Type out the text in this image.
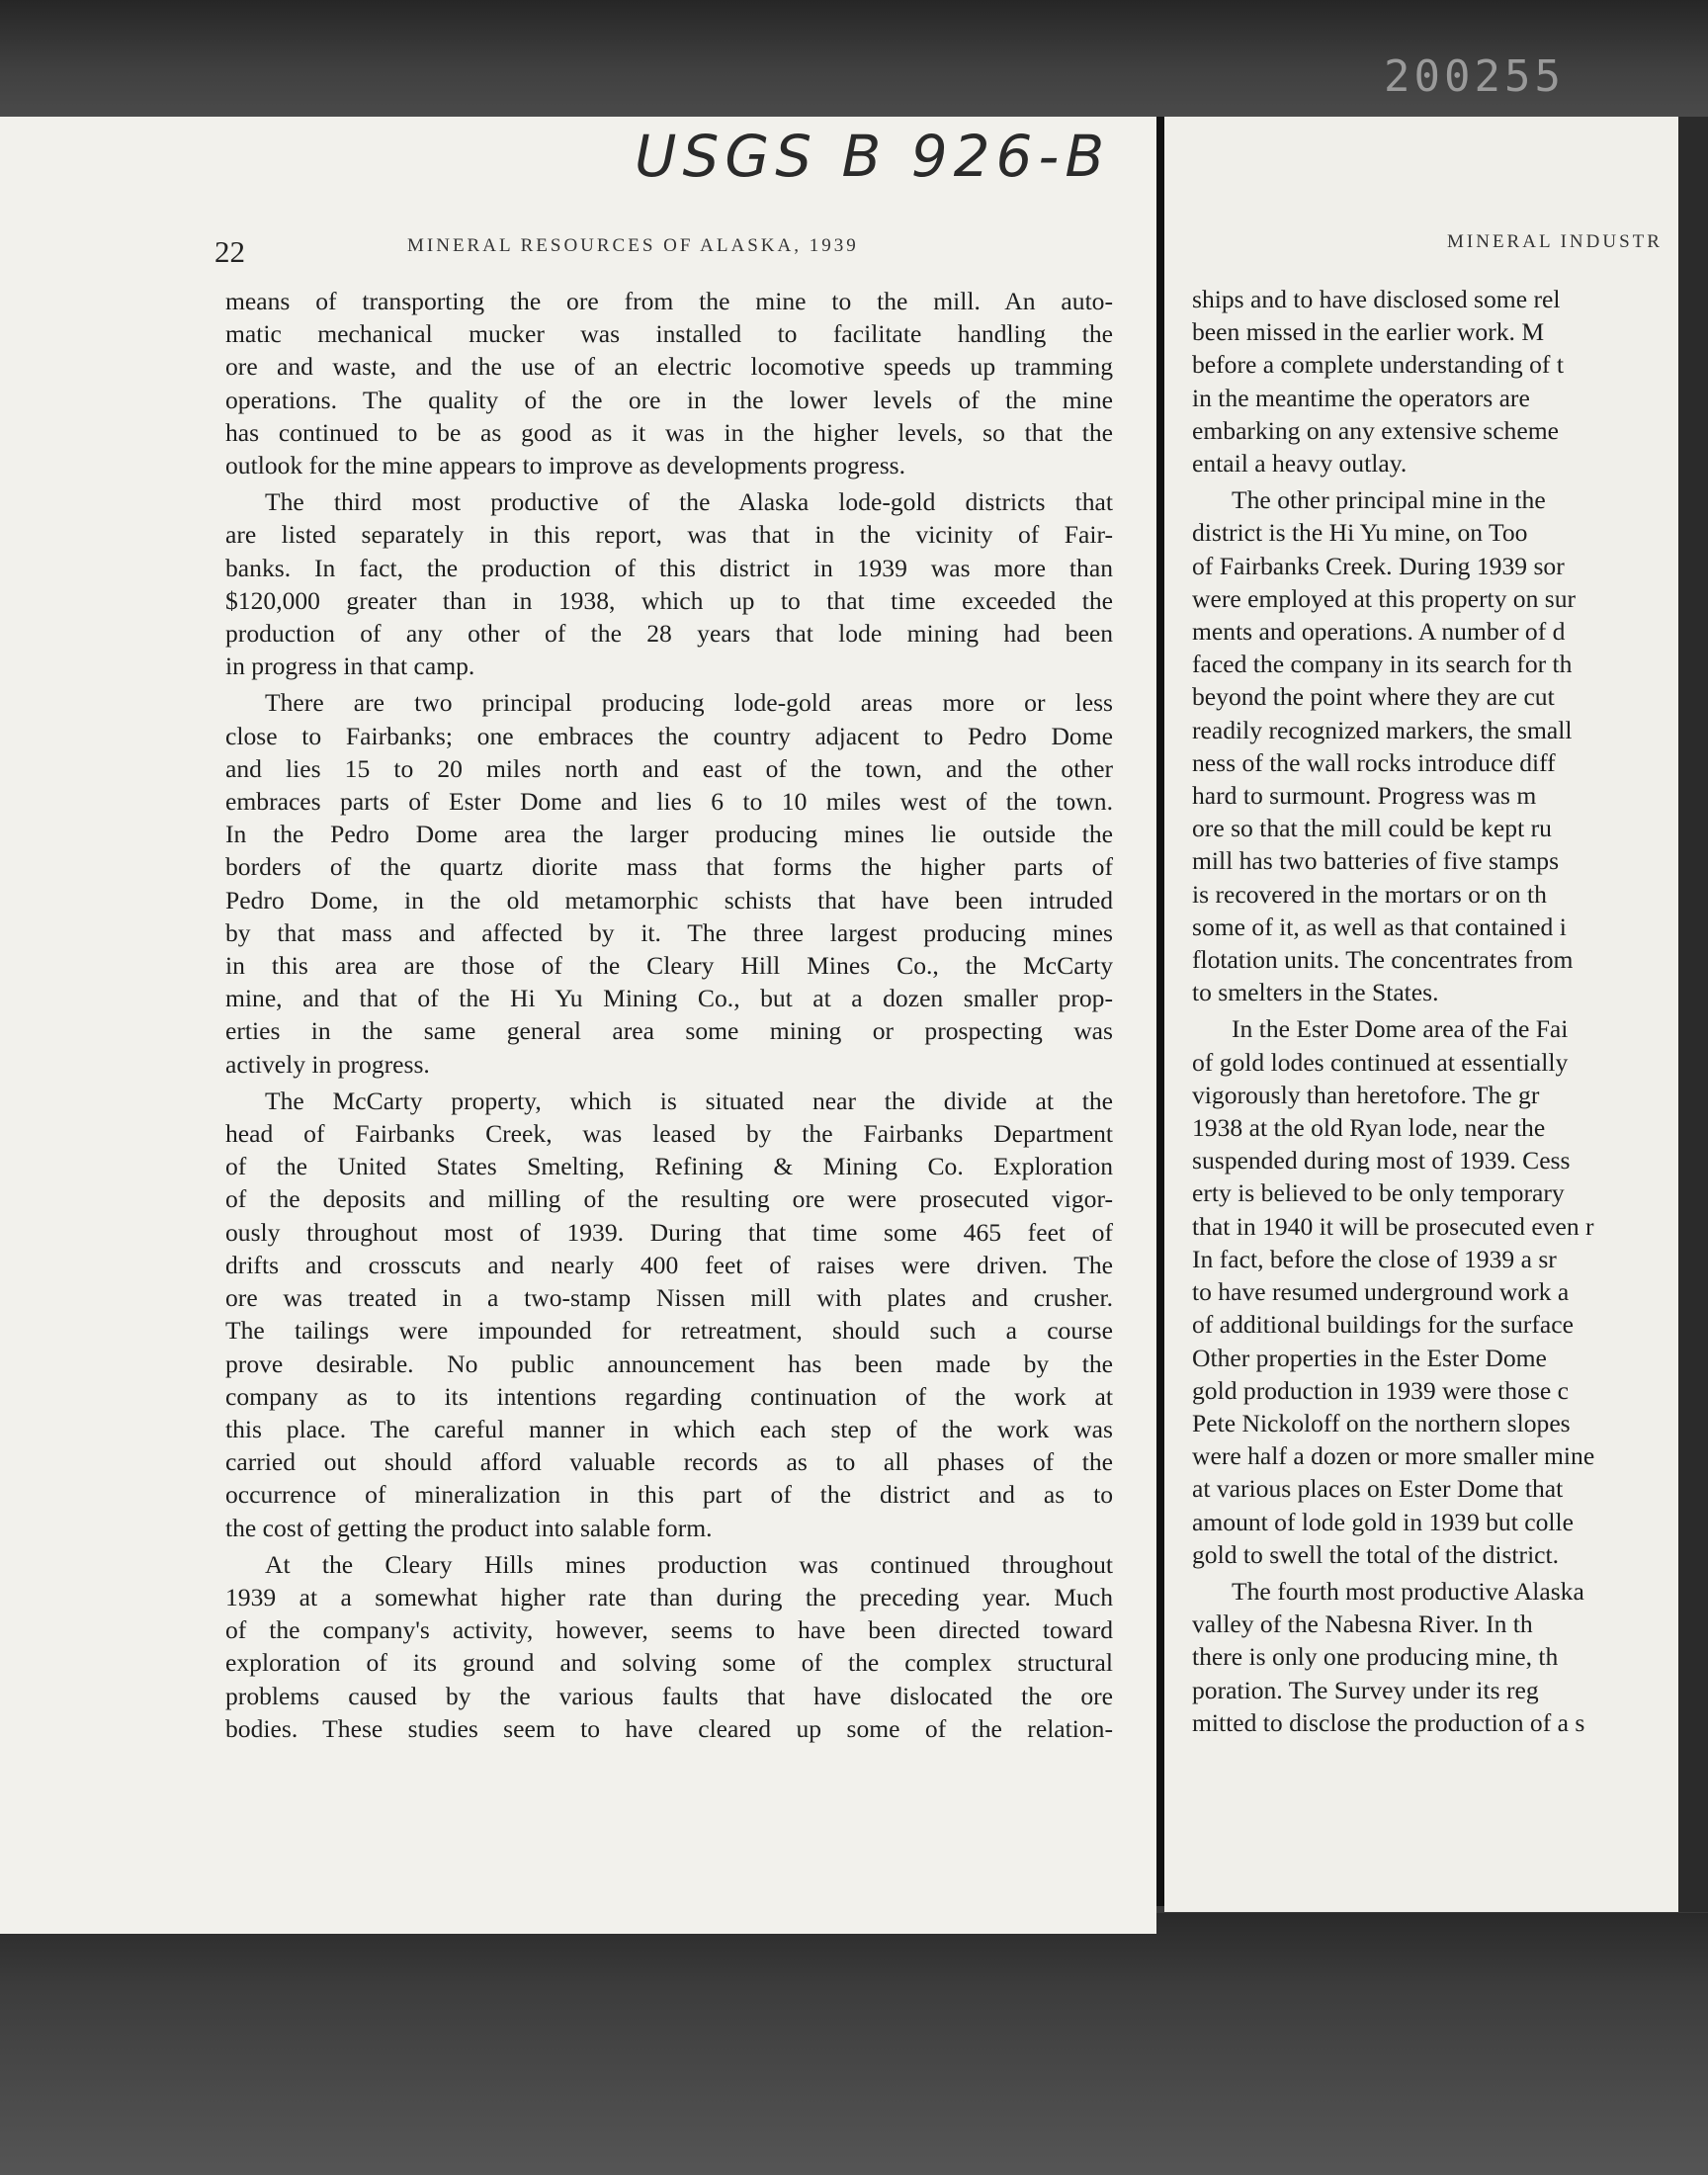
200255
MINERAL INDUSTR
ships and to have disclosed some rel
been missed in the earlier work. M
before a complete understanding of t
in the meantime the operators are
embarking on any extensive scheme
entail a heavy outlay.
The other principal mine in the
district is the Hi Yu mine, on Too
of Fairbanks Creek. During 1939 sor
were employed at this property on sur
ments and operations. A number of d
faced the company in its search for th
beyond the point where they are cut
readily recognized markers, the small
ness of the wall rocks introduce diff
hard to surmount. Progress was m
ore so that the mill could be kept ru
mill has two batteries of five stamps
is recovered in the mortars or on th
some of it, as well as that contained i
flotation units. The concentrates from
to smelters in the States.
In the Ester Dome area of the Fai
of gold lodes continued at essentially
vigorously than heretofore. The gr
1938 at the old Ryan lode, near the
suspended during most of 1939. Cess
erty is believed to be only temporary
that in 1940 it will be prosecuted even r
In fact, before the close of 1939 a sr
to have resumed underground work a
of additional buildings for the surface
Other properties in the Ester Dome
gold production in 1939 were those c
Pete Nickoloff on the northern slopes
were half a dozen or more smaller mine
at various places on Ester Dome that
amount of lode gold in 1939 but colle
gold to swell the total of the district.
The fourth most productive Alaska
valley of the Nabesna River. In th
there is only one producing mine, th
poration. The Survey under its reg
mitted to disclose the production of a s
USGS B 926-B
22	MINERAL RESOURCES OF ALASKA, 1939
means of transporting the ore from the mine to the mill. An auto-
matic mechanical mucker was installed to facilitate handling the
ore and waste, and the use of an electric locomotive speeds up tramming
operations. The quality of the ore in the lower levels of the mine
has continued to be as good as it was in the higher levels, so that the
outlook for the mine appears to improve as developments progress.
The third most productive of the Alaska lode-gold districts that
are listed separately in this report, was that in the vicinity of Fair-
banks. In fact, the production of this district in 1939 was more than
$120,000 greater than in 1938, which up to that time exceeded the
production of any other of the 28 years that lode mining had been
in progress in that camp.
There are two principal producing lode-gold areas more or less
close to Fairbanks; one embraces the country adjacent to Pedro Dome
and lies 15 to 20 miles north and east of the town, and the other
embraces parts of Ester Dome and lies 6 to 10 miles west of the town.
In the Pedro Dome area the larger producing mines lie outside the
borders of the quartz diorite mass that forms the higher parts of
Pedro Dome, in the old metamorphic schists that have been intruded
by that mass and affected by it. The three largest producing mines
in this area are those of the Cleary Hill Mines Co., the McCarty
mine, and that of the Hi Yu Mining Co., but at a dozen smaller prop-
erties in the same general area some mining or prospecting was
actively in progress.
The McCarty property, which is situated near the divide at the
head of Fairbanks Creek, was leased by the Fairbanks Department
of the United States Smelting, Refining & Mining Co. Exploration
of the deposits and milling of the resulting ore were prosecuted vigor-
ously throughout most of 1939. During that time some 465 feet of
drifts and crosscuts and nearly 400 feet of raises were driven. The
ore was treated in a two-stamp Nissen mill with plates and crusher.
The tailings were impounded for retreatment, should such a course
prove desirable. No public announcement has been made by the
company as to its intentions regarding continuation of the work at
this place. The careful manner in which each step of the work was
carried out should afford valuable records as to all phases of the
occurrence of mineralization in this part of the district and as to
the cost of getting the product into salable form.
At the Cleary Hills mines production was continued throughout
1939 at a somewhat higher rate than during the preceding year. Much
of the company's activity, however, seems to have been directed toward
exploration of its ground and solving some of the complex structural
problems caused by the various faults that have dislocated the ore
bodies. These studies seem to have cleared up some of the relation-
